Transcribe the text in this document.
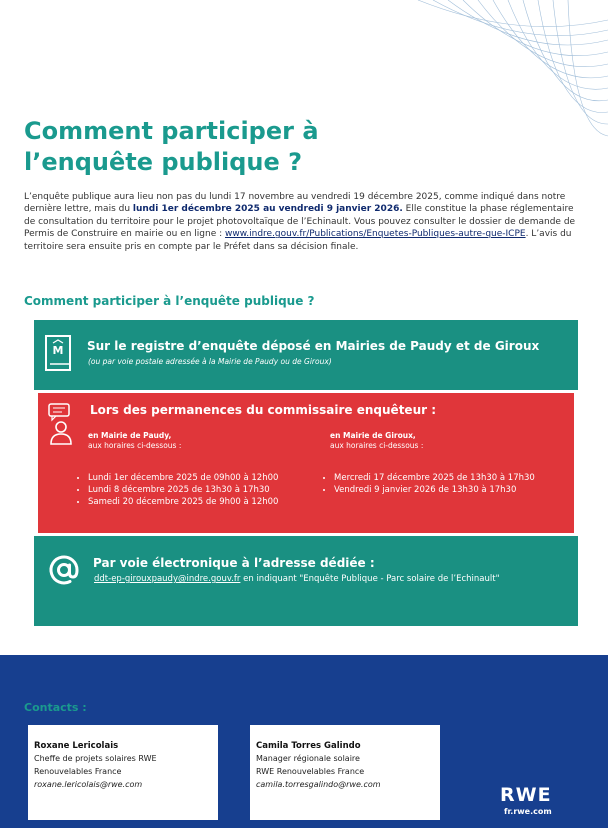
Comment participer à
l’enquête publique ?

L’enquête publique aura lieu non pas du lundi 17 novembre au vendredi 19 décembre 2025, comme indiqué dans notre dernière lettre, mais du lundi 1er décembre 2025 au vendredi 9 janvier 2026. Elle constitue la phase réglementaire de consultation du territoire pour le projet photovoltaïque de l’Echinault. Vous pouvez consulter le dossier de demande de Permis de Construire en mairie ou en ligne : www.indre.gouv.fr/Publications/Enquetes-Publiques-autre-que-ICPE. L’avis du territoire sera ensuite pris en compte par le Préfet dans sa décision finale.

Comment participer à l’enquête publique ?
M Sur le registre d’enquête déposé en Mairies de Paudy et de Giroux
(ou par voie postale adressée à la Mairie de Paudy ou de Giroux)
Lors des permanences du commissaire enquêteur :
en Mairie de Paudy,
aux horaires ci-dessous :
en Mairie de Giroux,
aux horaires ci-dessous :
• Lundi 1er décembre 2025 de 09h00 à 12h00
• Lundi 8 décembre 2025 de 13h30 à 17h30
• Samedi 20 décembre 2025 de 9h00 à 12h00
• Mercredi 17 décembre 2025 de 13h30 à 17h30
• Vendredi 9 janvier 2026 de 13h30 à 17h30
Par voie électronique à l’adresse dédiée :
ddt-ep-girouxpaudy@indre.gouv.fr en indiquant "Enquête Publique - Parc solaire de l’Echinault"
Contacts :
Roxane Lericolais
Cheffe de projets solaires RWE
Renouvelables France
roxane.lericolais@rwe.com
Camila Torres Galindo
Manager régionale solaire
RWE Renouvelables France
camila.torresgalindo@rwe.com	RWE
fr.rwe.com
